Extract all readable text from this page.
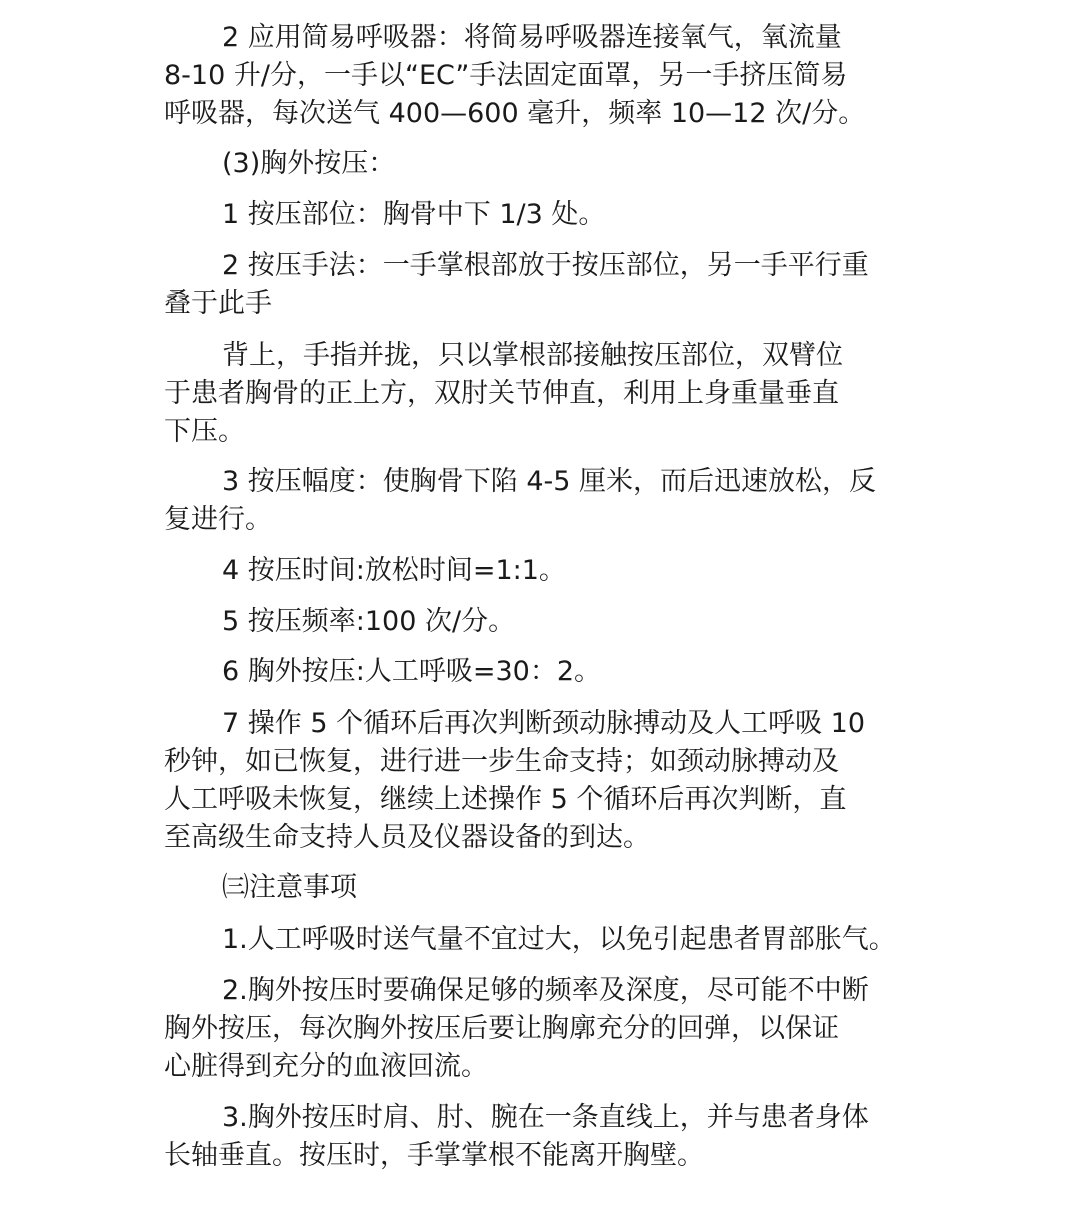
2 应用简易呼吸器：将简易呼吸器连接氧气，氧流量
8-10 升/分，一手以“EC”手法固定面罩，另一手挤压简易
呼吸器，每次送气 400—600 毫升，频率 10—12 次/分。

(3)胸外按压：

1 按压部位：胸骨中下 1/3 处。

2 按压手法：一手掌根部放于按压部位，另一手平行重
叠于此手

背上，手指并拢，只以掌根部接触按压部位，双臂位
于患者胸骨的正上方，双肘关节伸直，利用上身重量垂直
下压。

3 按压幅度：使胸骨下陷 4-5 厘米，而后迅速放松，反
复进行。

4 按压时间:放松时间=1:1。

5 按压频率:100 次/分。

6 胸外按压:人工呼吸=30：2。

7 操作 5 个循环后再次判断颈动脉搏动及人工呼吸 10
秒钟，如已恢复，进行进一步生命支持；如颈动脉搏动及
人工呼吸未恢复，继续上述操作 5 个循环后再次判断，直
至高级生命支持人员及仪器设备的到达。

㈢注意事项

1.人工呼吸时送气量不宜过大，以免引起患者胃部胀气。

2.胸外按压时要确保足够的频率及深度，尽可能不中断
胸外按压，每次胸外按压后要让胸廓充分的回弹，以保证
心脏得到充分的血液回流。

3.胸外按压时肩、肘、腕在一条直线上，并与患者身体
长轴垂直。按压时，手掌掌根不能离开胸壁。
